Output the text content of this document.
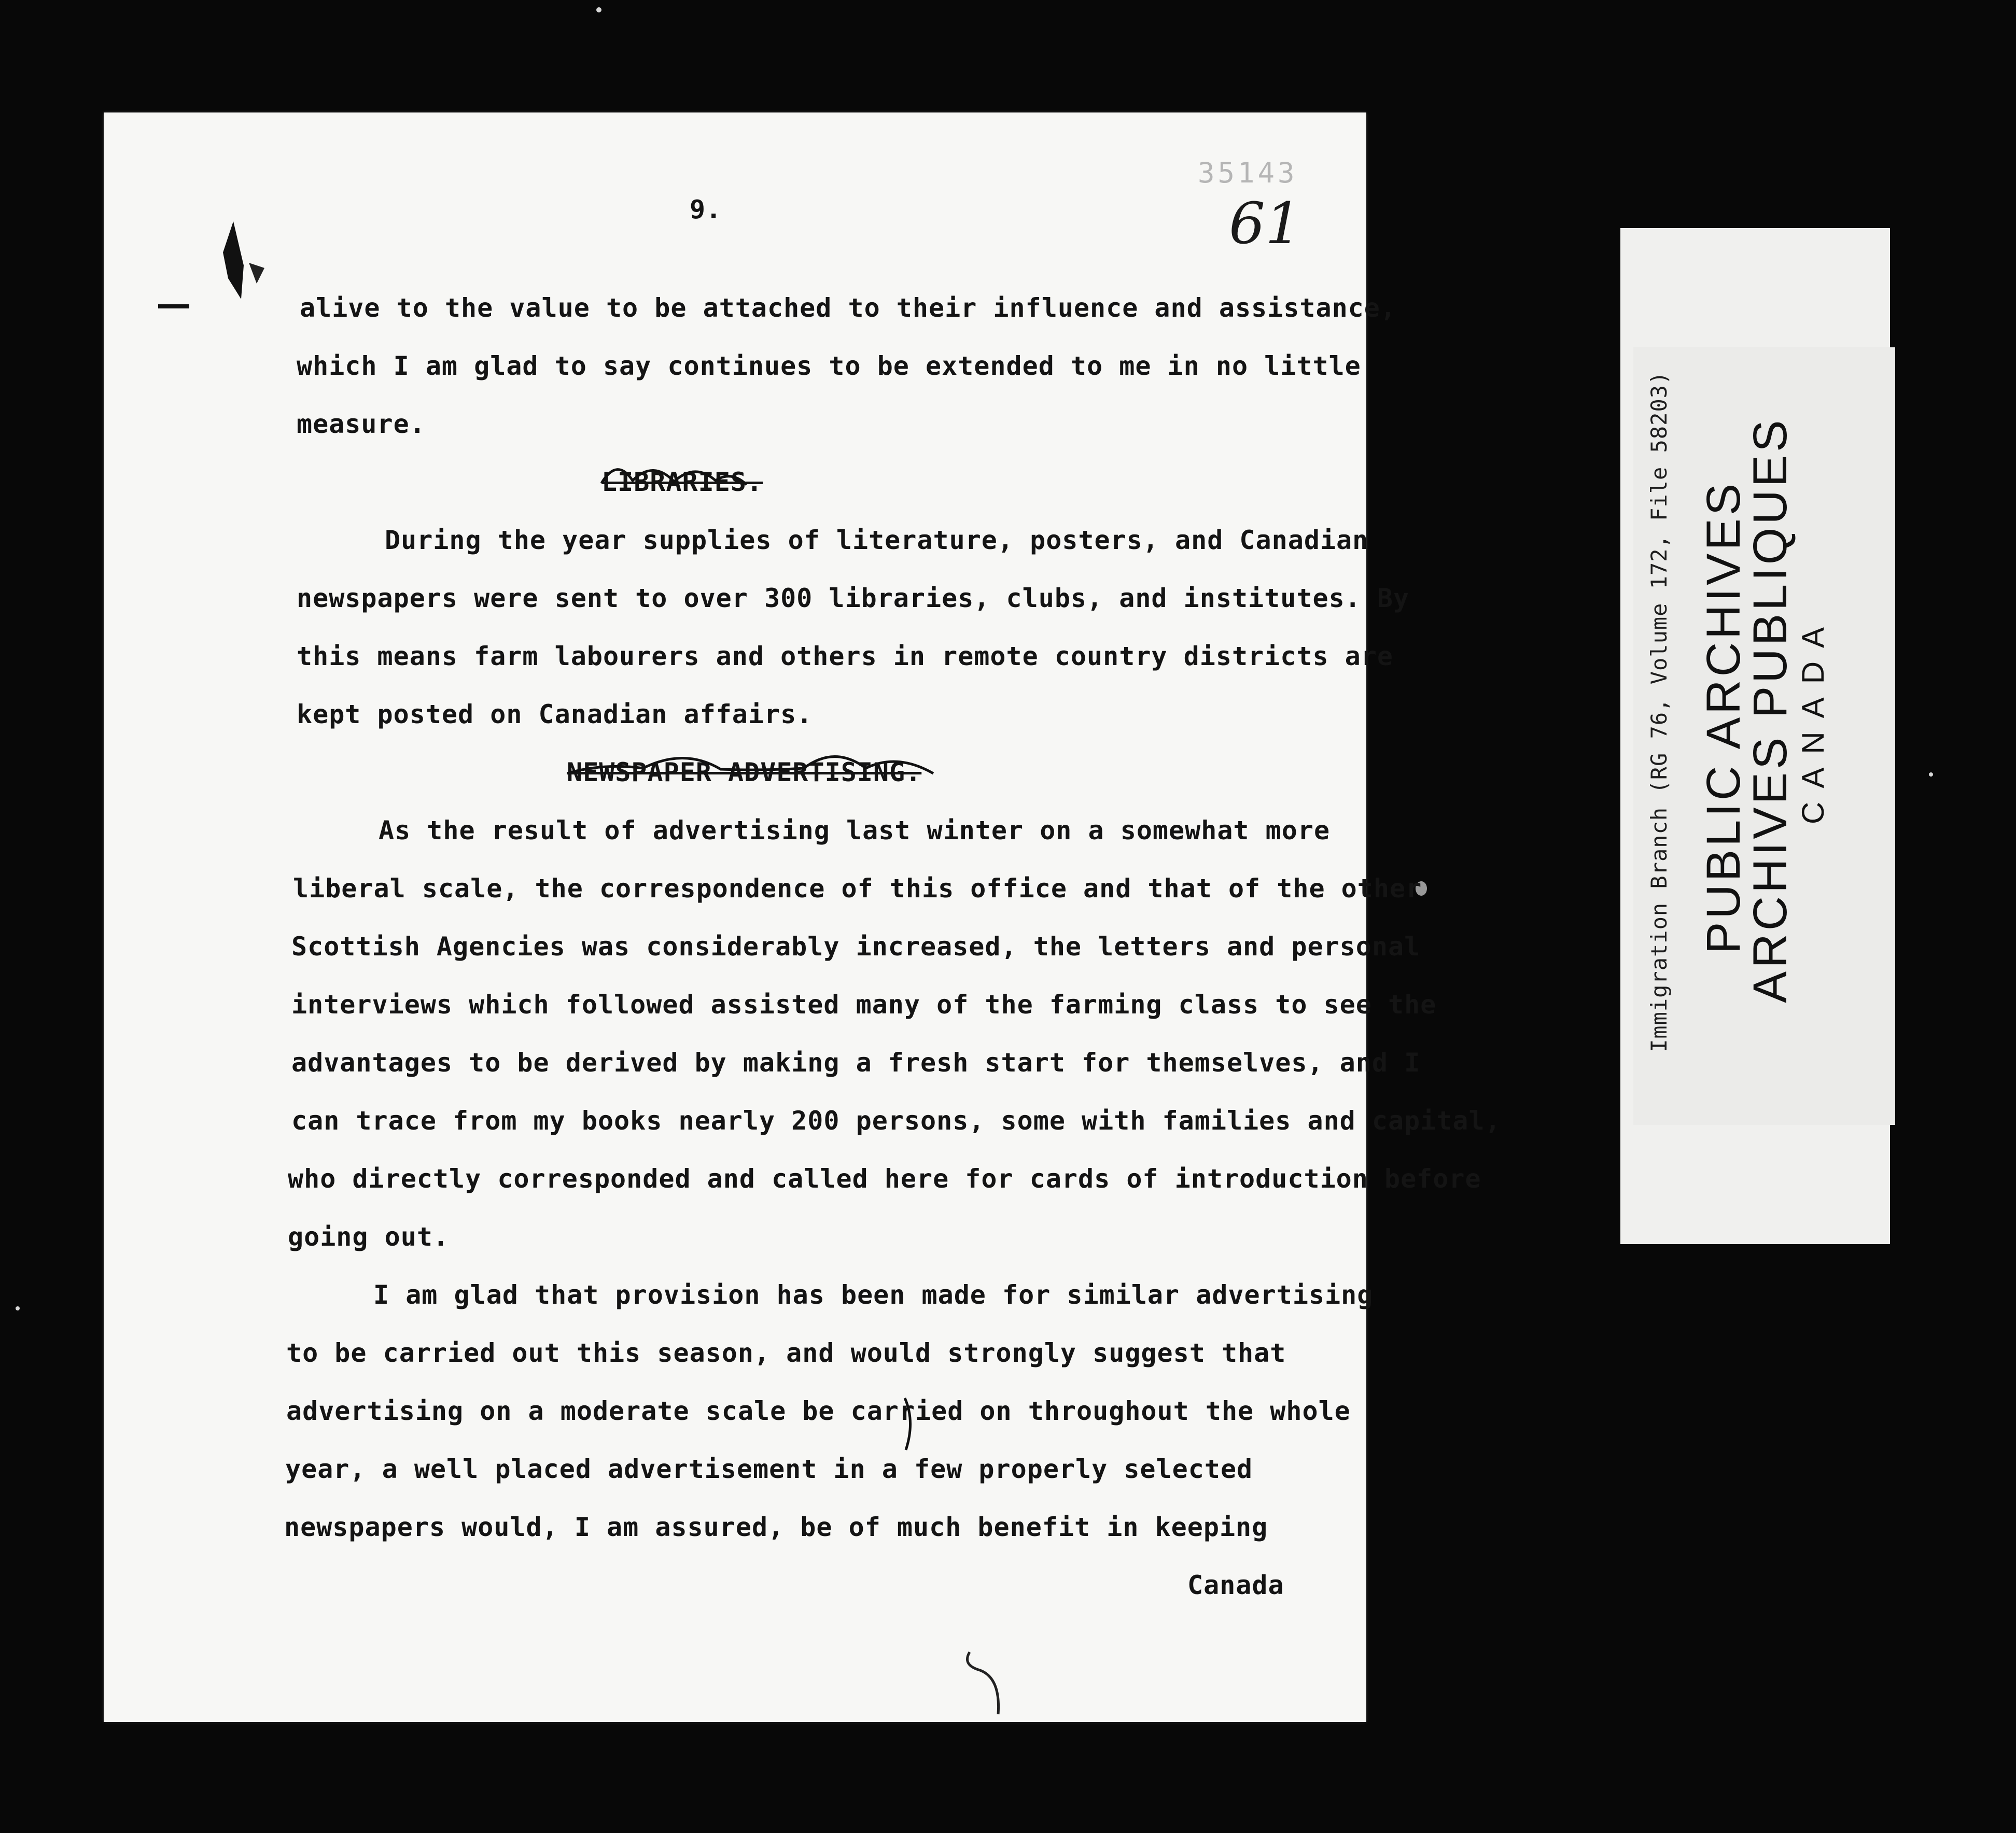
35143
61
9.
alive to the value to be attached to their influence and assistance,
which I am glad to say continues to be extended to me in no little
measure.
LIBRARIES.
During the year supplies of literature, posters, and Canadian
newspapers were sent to over 300 libraries, clubs, and institutes. By
this means farm labourers and others in remote country districts are
kept posted on Canadian affairs.
NEWSPAPER ADVERTISING.
As the result of advertising last winter on a somewhat more
liberal scale, the correspondence of this office and that of the other
Scottish Agencies was considerably increased, the letters and personal
interviews which followed assisted many of the farming class to see the
advantages to be derived by making a fresh start for themselves, and I
can trace from my books nearly 200 persons, some with families and capital,
who directly corresponded and called here for cards of introduction before
going out.
I am glad that provision has been made for similar advertising
to be carried out this season, and would strongly suggest that
advertising on a moderate scale be carried on throughout the whole
year, a well placed advertisement in a few properly selected
newspapers would, I am assured, be of much benefit in keeping
Canada
Immigration Branch (RG 76, Volume 172, File 58203) PUBLIC ARCHIVES
ARCHIVES PUBLIQUES
CANADA
